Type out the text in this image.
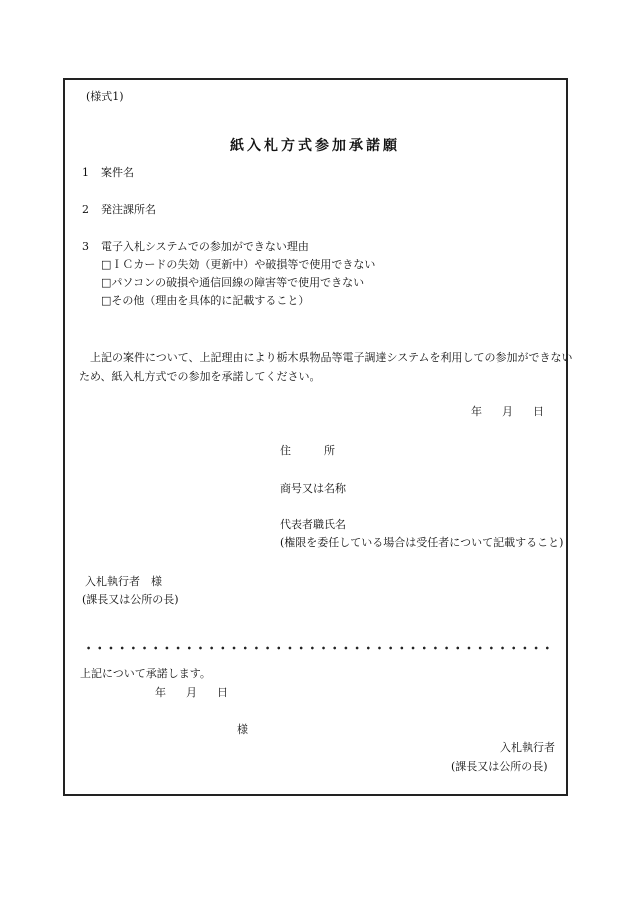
(様式1)
紙入札方式参加承諾願
1 案件名
2 発注課所名
3 電子入札システムでの参加ができない理由
□ＩＣカードの失効（更新中）や破損等で使用できない
□パソコンの破損や通信回線の障害等で使用できない
□その他（理由を具体的に記載すること）
上記の案件について、上記理由により栃木県物品等電子調達システムを利用しての参加ができない
ため、紙入札方式での参加を承諾してください。
年 月 日
住　　　所
商号又は名称
代表者職氏名
(権限を委任している場合は受任者について記載すること)
入札執行者　様
(課長又は公所の長)
上記について承諾します。
年 月 日
様
入札執行者
(課長又は公所の長)
